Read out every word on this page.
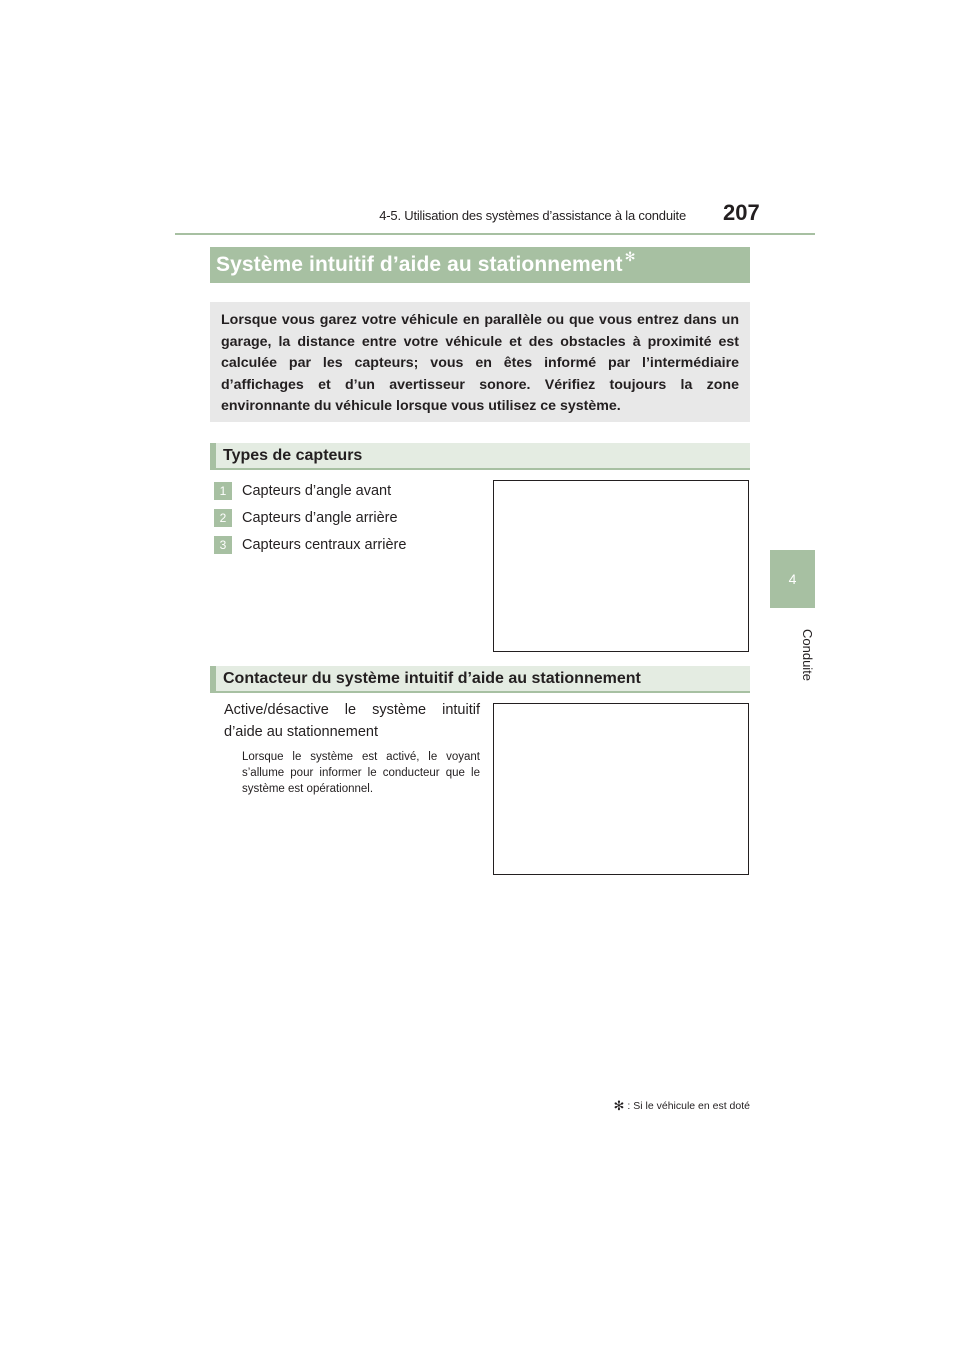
4-5. Utilisation des systèmes d’assistance à la conduite 207
4
Conduite
Système intuitif d’aide au stationnement ✻
Lorsque vous garez votre véhicule en parallèle ou que vous entrez dans un garage, la distance entre votre véhicule et des obstacles à proximité est calculée par les capteurs; vous en êtes informé par l’intermédiaire d’affichages et d’un avertisseur sonore. Vérifiez toujours la zone environnante du véhicule lorsque vous utilisez ce système.
Types de capteurs
1	Capteurs d’angle avant
2	Capteurs d’angle arrière
3	Capteurs centraux arrière
Contacteur du système intuitif d’aide au stationnement
Active/désactive le système intuitif d’aide au stationnement
Lorsque le système est activé, le voyant s’allume pour informer le conducteur que le système est opérationnel.
✻ : Si le véhicule en est doté
